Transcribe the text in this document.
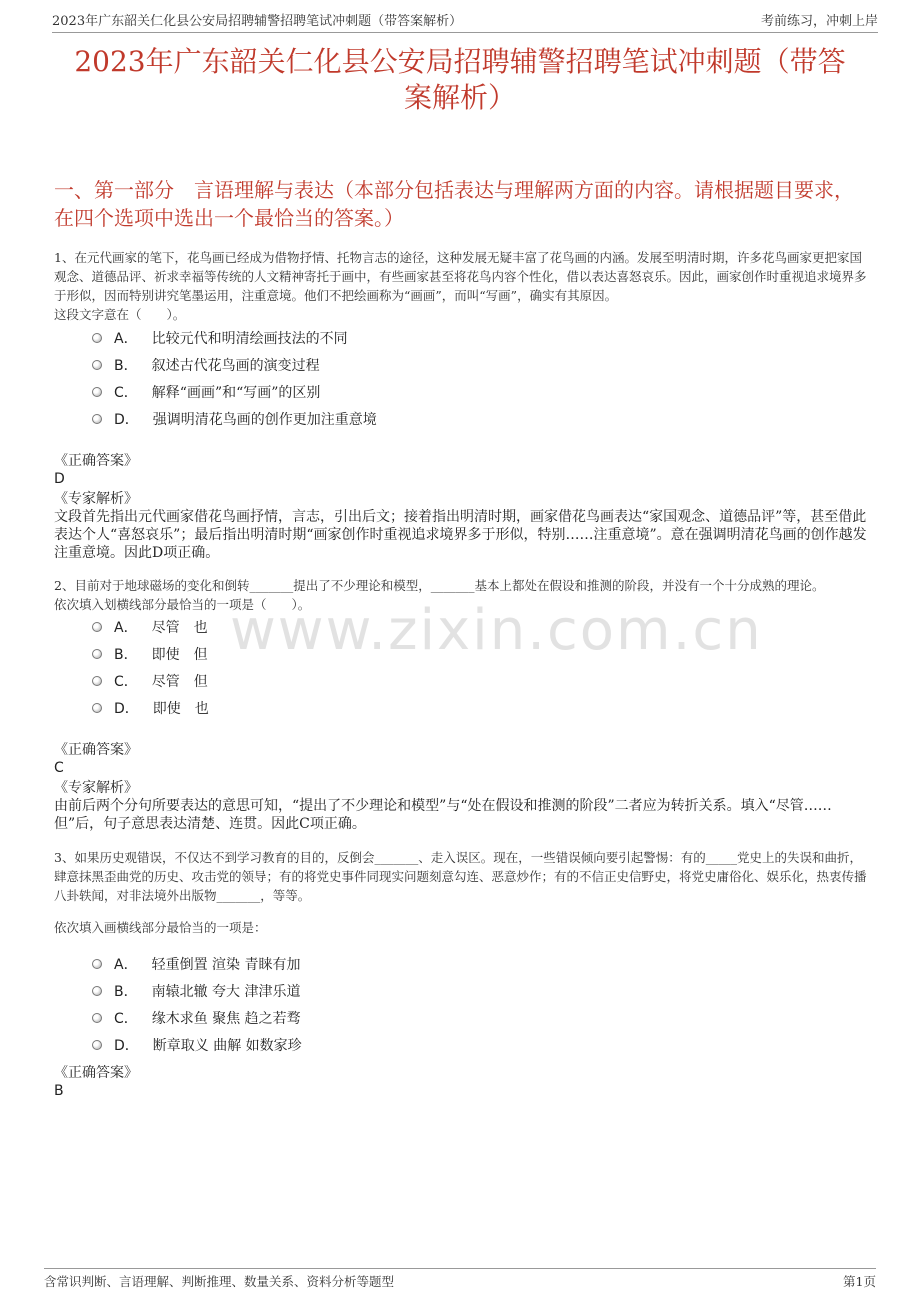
2023年广东韶关仁化县公安局招聘辅警招聘笔试冲刺题（带答案解析）	考前练习，冲刺上岸
2023年广东韶关仁化县公安局招聘辅警招聘笔试冲刺题（带答
案解析）
一、第一部分　言语理解与表达（本部分包括表达与理解两方面的内容。请根据题目要求，在四个选项中选出一个最恰当的答案。）
www.zixin.com.cn

1、在元代画家的笔下，花鸟画已经成为借物抒情、托物言志的途径，这种发展无疑丰富了花鸟画的内涵。发展至明清时期，许多花鸟画家更把家国观念、道德品评、祈求幸福等传统的人文精神寄托于画中，有些画家甚至将花鸟内容个性化，借以表达喜怒哀乐。因此，画家创作时重视追求境界多于形似，因而特别讲究笔墨运用，注重意境。他们不把绘画称为“画画”，而叫“写画”，确实有其原因。

这段文字意在（　　）。

A． 比较元代和明清绘画技法的不同
B． 叙述古代花鸟画的演变过程
C． 解释“画画”和“写画”的区别
D． 强调明清花鸟画的创作更加注重意境
《正确答案》
D
《专家解析》
文段首先指出元代画家借花鸟画抒情，言志，引出后文；接着指出明清时期，画家借花鸟画表达“家国观念、道德品评”等，甚至借此表达个人“喜怒哀乐”；最后指出明清时期“画家创作时重视追求境界多于形似，特别……注重意境”。意在强调明清花鸟画的创作越发注重意境。因此D项正确。

2、目前对于地球磁场的变化和倒转_______提出了不少理论和模型，_______基本上都处在假设和推测的阶段，并没有一个十分成熟的理论。

依次填入划横线部分最恰当的一项是（　　）。

A． 尽管　也
B． 即使　但
C． 尽管　但
D． 即使　也
《正确答案》
C
《专家解析》
由前后两个分句所要表达的意思可知，“提出了不少理论和模型”与“处在假设和推测的阶段”二者应为转折关系。填入“尽管……但”后，句子意思表达清楚、连贯。因此C项正确。

3、如果历史观错误，不仅达不到学习教育的目的，反倒会_______、走入误区。现在，一些错误倾向要引起警惕：有的_____党史上的失误和曲折，肆意抹黑歪曲党的历史、攻击党的领导；有的将党史事件同现实问题刻意勾连、恶意炒作；有的不信正史信野史，将党史庸俗化、娱乐化，热衷传播八卦轶闻，对非法境外出版物_______，等等。

依次填入画横线部分最恰当的一项是：

A． 轻重倒置 渲染 青睐有加
B． 南辕北辙 夸大 津津乐道
C． 缘木求鱼 聚焦 趋之若骛
D． 断章取义 曲解 如数家珍
《正确答案》
B
含常识判断、言语理解、判断推理、数量关系、资料分析等题型	第1页
